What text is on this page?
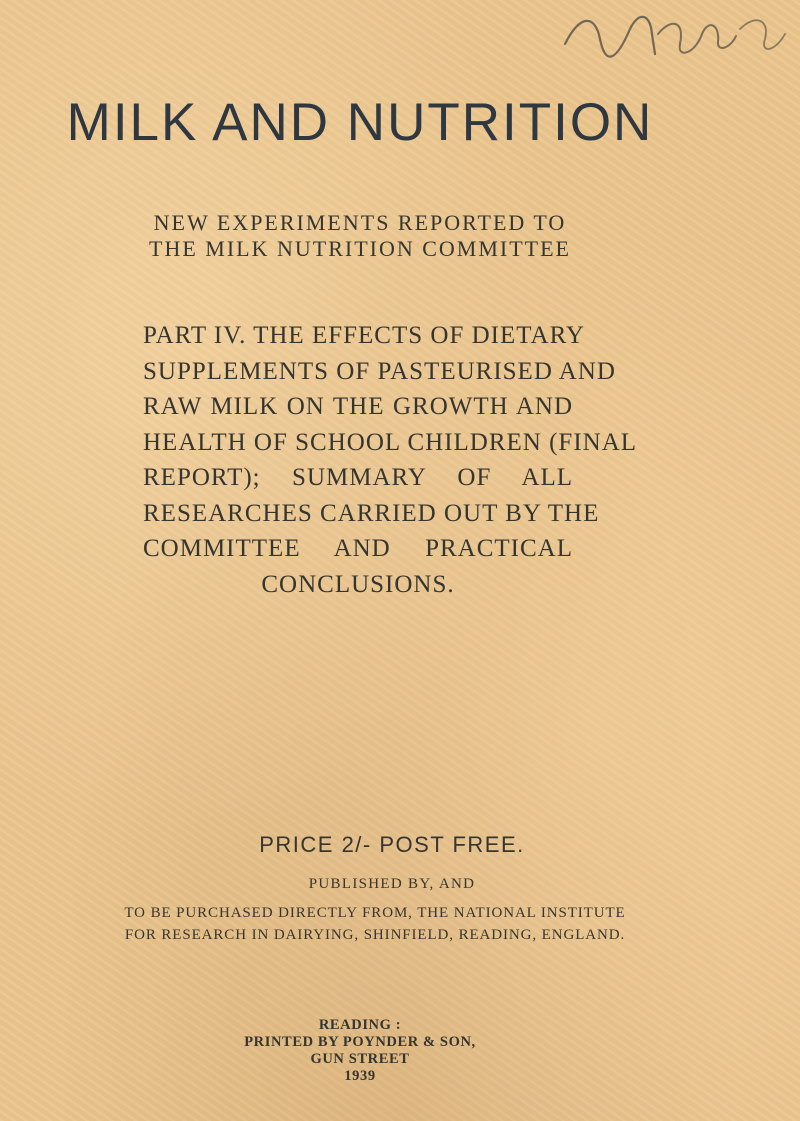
MILK AND NUTRITION
NEW EXPERIMENTS REPORTED TO
THE MILK NUTRITION COMMITTEE
PART IV. THE EFFECTS OF DIETARY
SUPPLEMENTS OF PASTEURISED AND
RAW MILK ON THE GROWTH AND
HEALTH OF SCHOOL CHILDREN (FINAL
REPORT); SUMMARY OF ALL
RESEARCHES CARRIED OUT BY THE
COMMITTEE AND PRACTICAL
CONCLUSIONS.
PRICE 2/- POST FREE.
PUBLISHED BY, AND
TO BE PURCHASED DIRECTLY FROM, THE NATIONAL INSTITUTE
FOR RESEARCH IN DAIRYING, SHINFIELD, READING, ENGLAND.
READING :
PRINTED BY POYNDER & SON,
GUN STREET
1939
